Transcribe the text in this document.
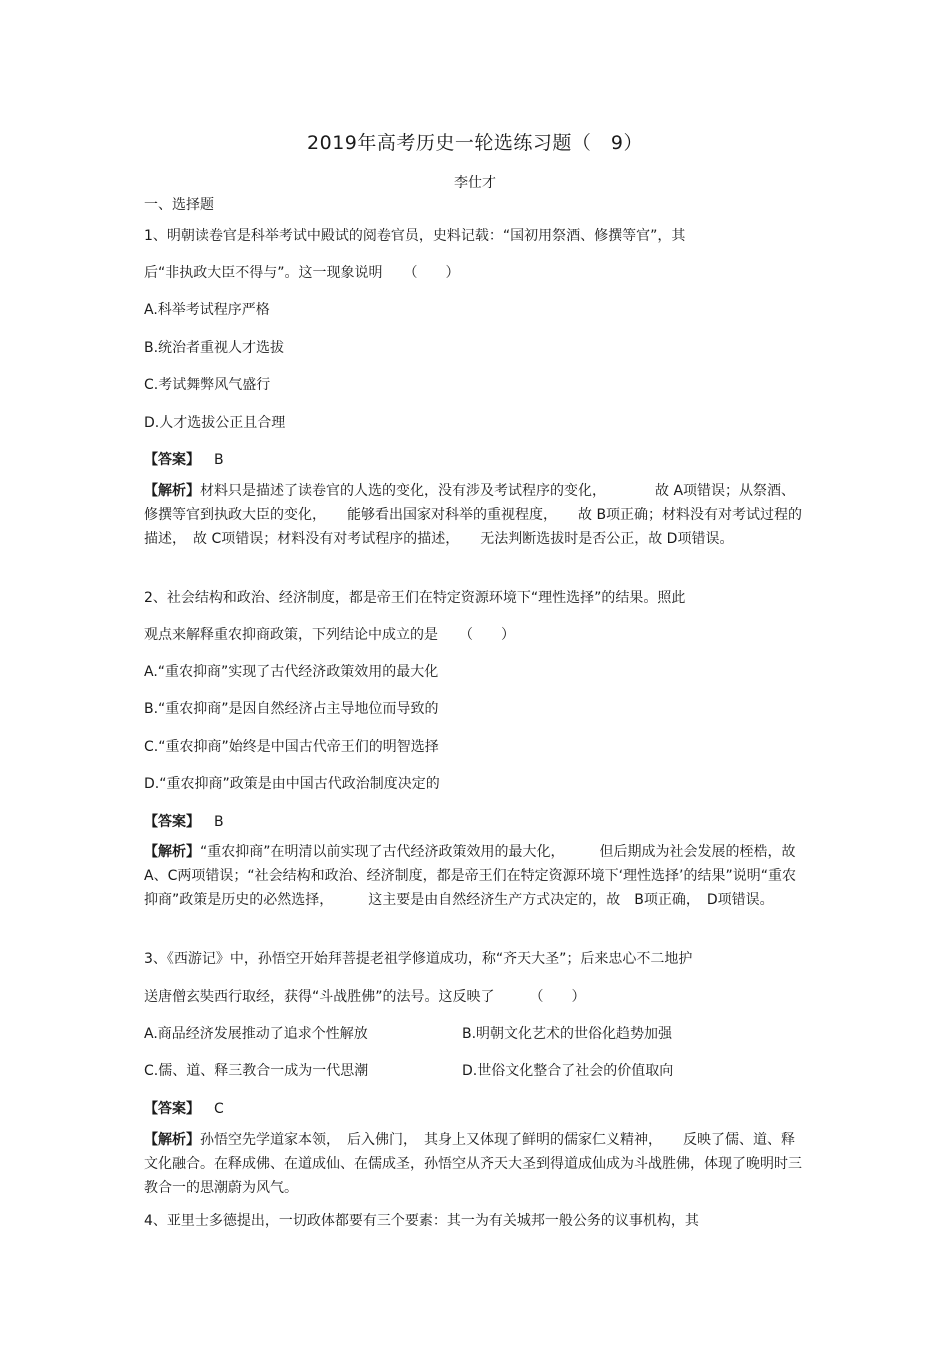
2019年高考历史一轮选练习题（　9）
李仕才
一、选择题
1、明朝读卷官是科举考试中殿试的阅卷官员，史料记载：“国初用祭酒、修撰等官”，其
后“非执政大臣不得与”。这一现象说明　　（　　）
A.科举考试程序严格
B.统治者重视人才选拔
C.考试舞弊风气盛行
D.人才选拔公正且合理
【答案】 B
【解析】材料只是描述了读卷官的人选的变化，没有涉及考试程序的变化，　　　　故 A项错误；从祭酒、 修撰等官到执政大臣的变化，　　能够看出国家对科举的重视程度，　　故 B项正确；材料没有对考试过程的描述，　故 C项错误；材料没有对考试程序的描述，　　无法判断选拔时是否公正，故 D项错误。
2、社会结构和政治、经济制度，都是帝王们在特定资源环境下“理性选择”的结果。照此
观点来解释重农抑商政策，下列结论中成立的是　　（　　）
A.“重农抑商”实现了古代经济政策效用的最大化
B.“重农抑商”是因自然经济占主导地位而导致的
C.“重农抑商”始终是中国古代帝王们的明智选择
D.“重农抑商”政策是由中国古代政治制度决定的
【答案】 B
【解析】“重农抑商”在明清以前实现了古代经济政策效用的最大化，　　　但后期成为社会发展的桎梏，故　A、C两项错误；“社会结构和政治、经济制度，都是帝王们在特定资源环境下‘理性选择’的结果”说明“重农抑商”政策是历史的必然选择，　　　这主要是由自然经济生产方式决定的，故　B项正确，　D项错误。
3、《西游记》中，孙悟空开始拜菩提老祖学修道成功，称“齐天大圣”；后来忠心不二地护
送唐僧玄奘西行取经，获得“斗战胜佛”的法号。这反映了　　　（　　）
A.商品经济发展推动了追求个性解放	B.明朝文化艺术的世俗化趋势加强
C.儒、道、释三教合一成为一代思潮	D.世俗文化整合了社会的价值取向
【答案】 C
【解析】孙悟空先学道家本领，　后入佛门，　其身上又体现了鲜明的儒家仁义精神，　　反映了儒、道、释文化融合。在释成佛、在道成仙、在儒成圣，孙悟空从齐天大圣到得道成仙成为斗战胜佛，体现了晚明时三教合一的思潮蔚为风气。
4、亚里士多德提出，一切政体都要有三个要素：其一为有关城邦一般公务的议事机构，其
